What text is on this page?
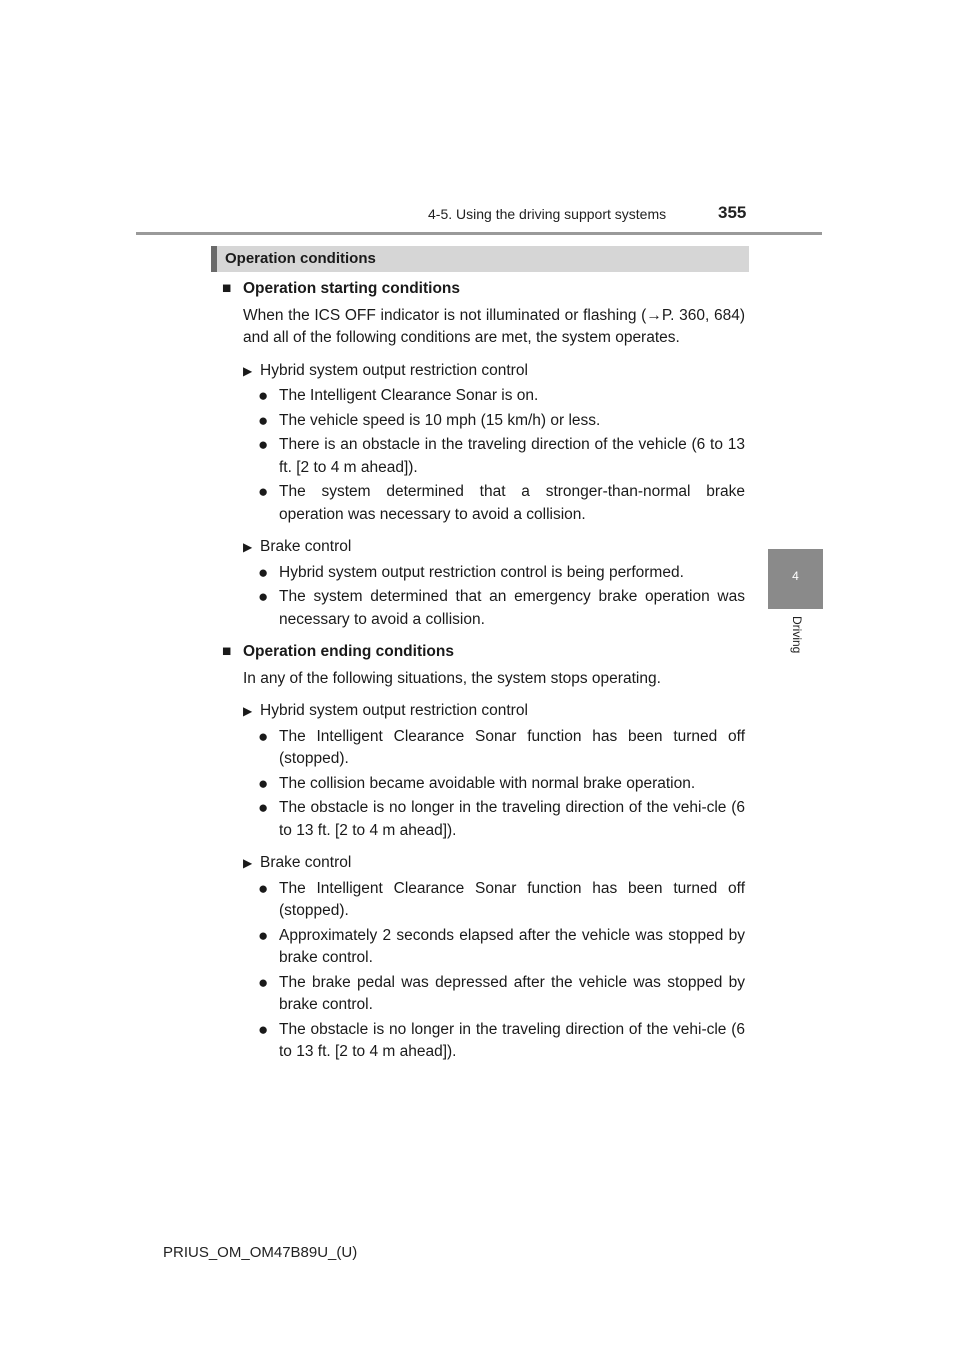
4-5. Using the driving support systems	355
4
Driving
Operation conditions
■ Operation starting conditions
When the ICS OFF indicator is not illuminated or flashing (→P. 360, 684) and all of the following conditions are met, the system operates.
▶ Hybrid system output restriction control
● The Intelligent Clearance Sonar is on.
● The vehicle speed is 10 mph (15 km/h) or less.
● There is an obstacle in the traveling direction of the vehicle (6 to 13 ft. [2 to 4 m ahead]).
● The system determined that a stronger-than-normal brake operation was necessary to avoid a collision.
▶ Brake control
● Hybrid system output restriction control is being performed.
● The system determined that an emergency brake operation was necessary to avoid a collision.
■ Operation ending conditions
In any of the following situations, the system stops operating.
▶ Hybrid system output restriction control
● The Intelligent Clearance Sonar function has been turned off (stopped).
● The collision became avoidable with normal brake operation.
● The obstacle is no longer in the traveling direction of the vehi-cle (6 to 13 ft. [2 to 4 m ahead]).
▶ Brake control
● The Intelligent Clearance Sonar function has been turned off (stopped).
● Approximately 2 seconds elapsed after the vehicle was stopped by brake control.
● The brake pedal was depressed after the vehicle was stopped by brake control.
● The obstacle is no longer in the traveling direction of the vehi-cle (6 to 13 ft. [2 to 4 m ahead]).
PRIUS_OM_OM47B89U_(U)
